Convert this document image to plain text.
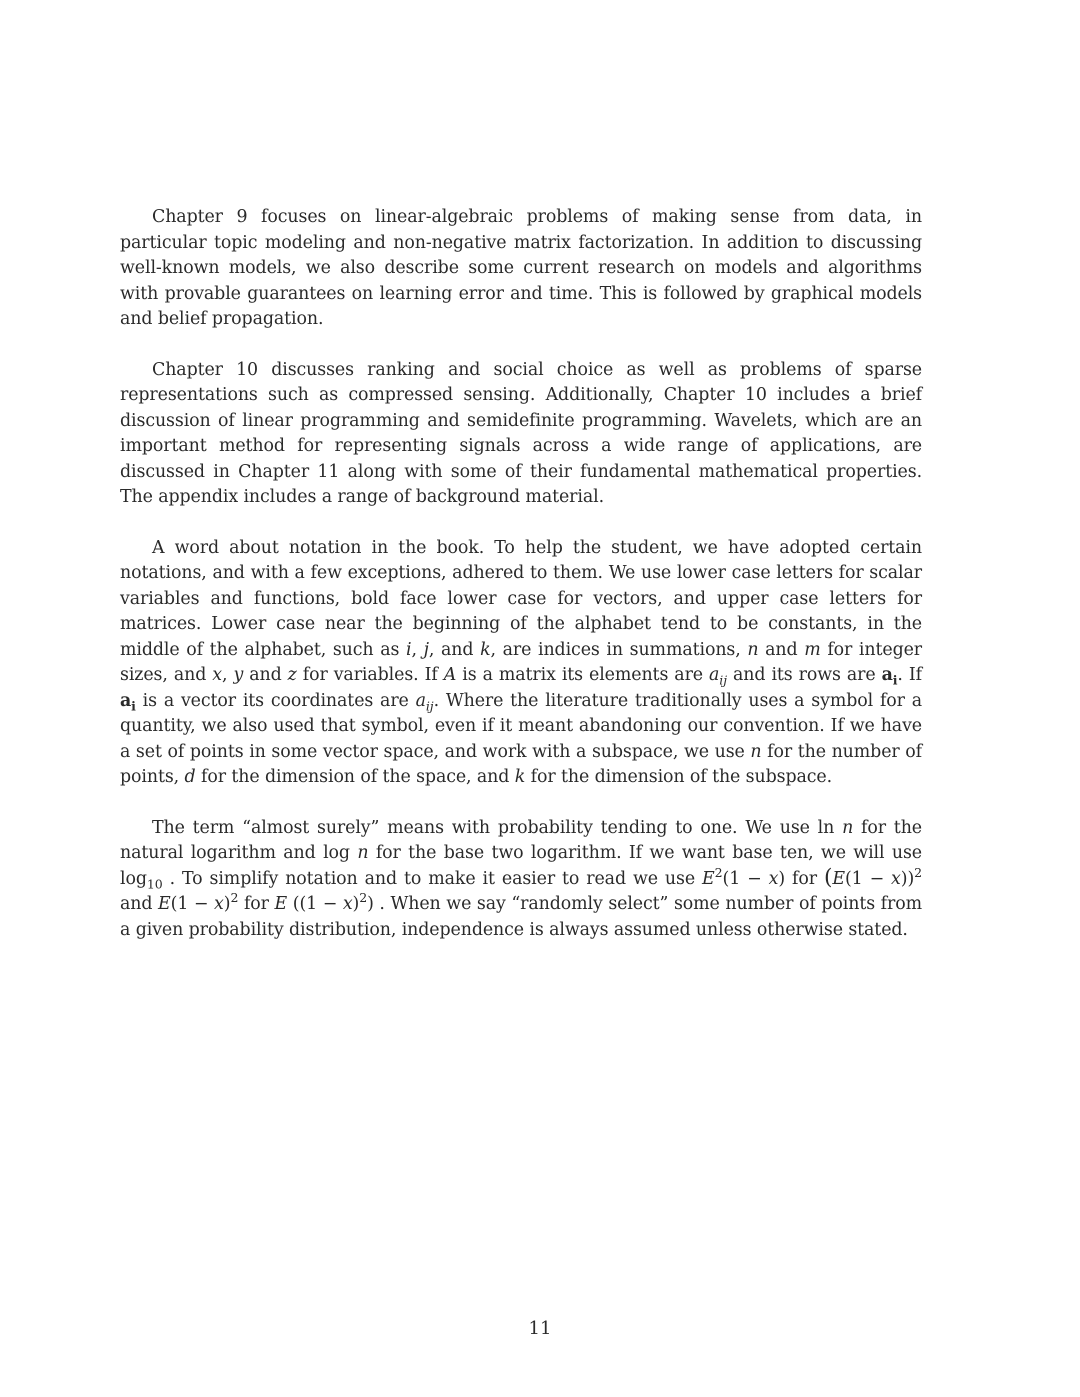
Chapter 9 focuses on linear-algebraic problems of making sense from data, in particular topic modeling and non-negative matrix factorization. In addition to discussing well-known models, we also describe some current research on models and algorithms with provable guarantees on learning error and time. This is followed by graphical models and belief propagation.

Chapter 10 discusses ranking and social choice as well as problems of sparse representations such as compressed sensing. Additionally, Chapter 10 includes a brief discussion of linear programming and semidefinite programming. Wavelets, which are an important method for representing signals across a wide range of applications, are discussed in Chapter 11 along with some of their fundamental mathematical properties. The appendix includes a range of background material.

A word about notation in the book. To help the student, we have adopted certain notations, and with a few exceptions, adhered to them. We use lower case letters for scalar variables and functions, bold face lower case for vectors, and upper case letters for matrices. Lower case near the beginning of the alphabet tend to be constants, in the middle of the alphabet, such as i, j, and k, are indices in summations, n and m for integer sizes, and x, y and z for variables. If A is a matrix its elements are $a_{ij}$ and its rows are $a_i$. If $a_i$ is a vector its coordinates are $a_{ij}$. Where the literature traditionally uses a symbol for a quantity, we also used that symbol, even if it meant abandoning our convention. If we have a set of points in some vector space, and work with a subspace, we use n for the number of points, d for the dimension of the space, and k for the dimension of the subspace.

The term “almost surely” means with probability tending to one. We use ln n for the natural logarithm and log n for the base two logarithm. If we want base ten, we will use $\log_{10}$ . To simplify notation and to make it easier to read we use $E^2(1 - x)$ for $(E(1 - x))^2$ and $E(1 - x)^2$ for E $((1 - x)^2)$ . When we say “randomly select” some number of points from a given probability distribution, independence is always assumed unless otherwise stated.

11
